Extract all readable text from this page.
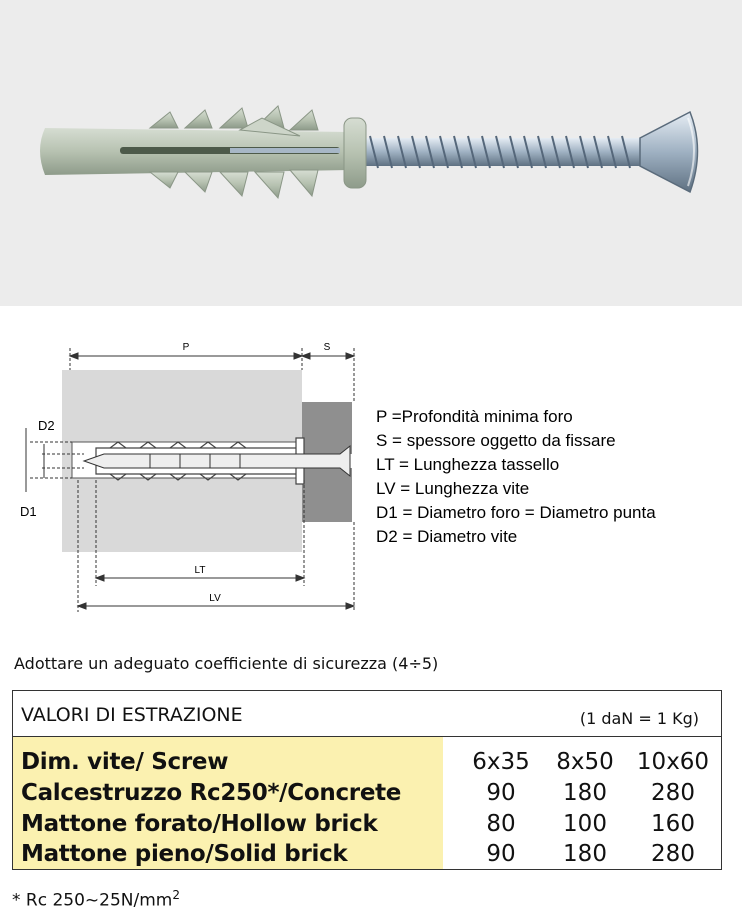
P	S
D2
D1
LT
LV
P =Profondità minima foro
S = spessore oggetto da fissare
LT = Lunghezza tassello
LV = Lunghezza vite
D1 = Diametro foro = Diametro punta
D2 = Diametro vite
Adottare un adeguato coefficiente di sicurezza (4÷5)
VALORI DI ESTRAZIONE	(1 daN = 1 Kg)
Dim. vite/ Screw	6x35	8x50	10x60
Calcestruzzo Rc250*/Concrete	90	180	280
Mattone forato/Hollow brick	80	100	160
Mattone pieno/Solid brick	90	180	280
* Rc $250\sim 25N/mm^2$
